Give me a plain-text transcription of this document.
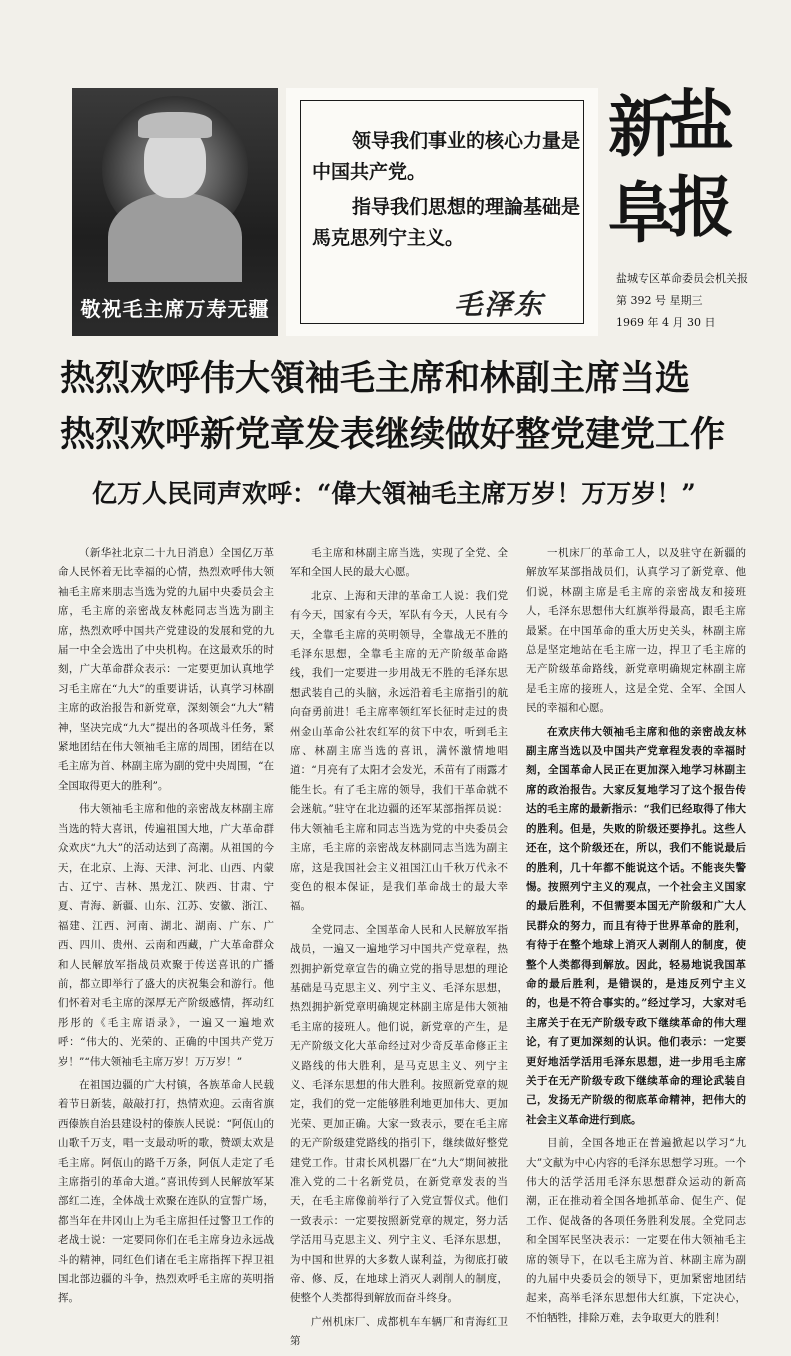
敬祝毛主席万寿无疆

领导我们事业的核心力量是中国共产党。

指导我们思想的理論基础是馬克思列宁主义。

毛泽东
新
盐
阜
报
盐城专区革命委员会机关报
第 392 号 星期三
1969 年 4 月 30 日
热烈欢呼伟大領袖毛主席和林副主席当选
热烈欢呼新党章发表继续做好整党建党工作
亿万人民同声欢呼：“偉大領袖毛主席万岁！万万岁！”

（新华社北京二十九日消息）全国亿万革命人民怀着无比幸福的心情，热烈欢呼伟大领袖毛主席来朋志当选为党的九届中央委员会主席，毛主席的亲密战友林彪同志当选为副主席，热烈欢呼中国共产党建设的发展和党的九届一中全会选出了中央机构。在这最欢乐的时刻，广大革命群众表示：一定要更加认真地学习毛主席在“九大”的重要讲话，认真学习林副主席的政治报告和新党章，深刻领会“九大”精神，坚决完成“九大”提出的各项战斗任务，紧紧地团结在伟大领袖毛主席的周围，团结在以毛主席为首、林副主席为副的党中央周围，“在全国取得更大的胜利”。

伟大领袖毛主席和他的亲密战友林副主席当选的特大喜讯，传遍祖国大地，广大革命群众欢庆“九大”的活动达到了高潮。从祖国的今天，在北京、上海、天津、河北、山西、内蒙古、辽宁、吉林、黑龙江、陕西、甘肃、宁夏、青海、新疆、山东、江苏、安徽、浙江、福建、江西、河南、湖北、湖南、广东、广西、四川、贵州、云南和西藏，广大革命群众和人民解放军指战员欢聚于传送喜讯的广播前，都立即举行了盛大的庆祝集会和游行。他们怀着对毛主席的深厚无产阶级感情，挥动红彤彤的《毛主席语录》，一遍又一遍地欢呼：“伟大的、光荣的、正确的中国共产党万岁！”“伟大领袖毛主席万岁！万万岁！”

在祖国边疆的广大村镇，各族革命人民载着节日新装，敲敲打打，热情欢迎。云南省旗西傣族自治县建设村的傣族人民说：“阿佤山的山歌千万支，唱一支最动听的歌，赞颂太欢是毛主席。阿佤山的路千万条，阿佤人走定了毛主席指引的革命大道。”喜讯传到人民解放军某部红二连，全体战士欢聚在连队的宣誓广场，都当年在井冈山上为毛主席担任过警卫工作的老战士说：一定要同你们在毛主席身边永远战斗的精神，同红色们诸在毛主席指挥下捍卫祖国北部边疆的斗争，热烈欢呼毛主席的英明指挥。

毛主席和林副主席当选，实现了全党、全军和全国人民的最大心愿。

北京、上海和天津的革命工人说：我们党有今天，国家有今天，军队有今天，人民有今天，全靠毛主席的英明领导，全靠战无不胜的毛泽东思想，全靠毛主席的无产阶级革命路线，我们一定要进一步用战无不胜的毛泽东思想武装自己的头脑，永远沿着毛主席指引的航向奋勇前进！毛主席率领红军长征时走过的贵州金山革命公社农红军的贫下中农，听到毛主席、林副主席当选的喜讯，满怀激情地唱道：“月亮有了太阳才会发光，禾苗有了雨露才能生长。有了毛主席的领导，我们干革命就不会迷航。”驻守在北边疆的还军某部指挥员说：伟大领袖毛主席和同志当选为党的中央委员会主席，毛主席的亲密战友林副同志当选为副主席，这是我国社会主义祖国江山千秋万代永不变色的根本保证，是我们革命战士的最大幸福。

全党同志、全国革命人民和人民解放军指战员，一遍又一遍地学习中国共产党章程，热烈拥护新党章宣告的确立党的指导思想的理论基础是马克思主义、列宁主义、毛泽东思想，热烈拥护新党章明确规定林副主席是伟大领袖毛主席的接班人。他们说，新党章的产生，是无产阶级文化大革命经过对少奇反革命修正主义路线的伟大胜利，是马克思主义、列宁主义、毛泽东思想的伟大胜利。按照新党章的规定，我们的党一定能够胜利地更加伟大、更加光荣、更加正确。大家一致表示，要在毛主席的无产阶级建党路线的指引下，继续做好整党建党工作。甘肃长风机器厂在“九大”期间被批准入党的二十名新党员，在新党章发表的当天，在毛主席像前举行了入党宣誓仪式。他们一致表示：一定要按照新党章的规定，努力活学活用马克思主义、列宁主义、毛泽东思想，为中国和世界的大多数人谋利益，为彻底打破帝、修、反，在地球上消灭人剥削人的制度，使整个人类都得到解放而奋斗终身。

广州机床厂、成都机车车辆厂和青海红卫第

一机床厂的革命工人，以及驻守在新疆的解放军某部指战员们，认真学习了新党章、他们说，林副主席是毛主席的亲密战友和接班人，毛泽东思想伟大红旗举得最高，跟毛主席最紧。在中国革命的重大历史关头，林副主席总是坚定地站在毛主席一边，捍卫了毛主席的无产阶级革命路线，新党章明确规定林副主席是毛主席的接班人，这是全党、全军、全国人民的幸福和心愿。

在欢庆伟大领袖毛主席和他的亲密战友林副主席当选以及中国共产党章程发表的幸福时刻，全国革命人民正在更加深入地学习林副主席的政治报告。大家反复地学习了这个报告传达的毛主席的最新指示：“我们已经取得了伟大的胜利。但是，失败的阶级还要挣扎。这些人还在，这个阶级还在，所以，我们不能说最后的胜利，几十年都不能说这个话。不能丧失警惕。按照列宁主义的观点，一个社会主义国家的最后胜利，不但需要本国无产阶级和广大人民群众的努力，而且有待于世界革命的胜利，有待于在整个地球上消灭人剥削人的制度，使整个人类都得到解放。因此，轻易地说我国革命的最后胜利，是错误的，是违反列宁主义的，也是不符合事实的。”经过学习，大家对毛主席关于在无产阶级专政下继续革命的伟大理论，有了更加深刻的认识。他们表示：一定要更好地活学活用毛泽东思想，进一步用毛主席关于在无产阶级专政下继续革命的理论武装自己，发扬无产阶级的彻底革命精神，把伟大的社会主义革命进行到底。

目前，全国各地正在普遍掀起以学习“九大”文献为中心内容的毛泽东思想学习班。一个伟大的活学活用毛泽东思想群众运动的新高潮，正在推动着全国各地抓革命、促生产、促工作、促战备的各项任务胜利发展。全党同志和全国军民坚决表示：一定要在伟大领袖毛主席的领导下，在以毛主席为首、林副主席为副的九届中央委员会的领导下，更加紧密地团结起来，高举毛泽东思想伟大红旗，下定决心，不怕牺牲，排除万难，去争取更大的胜利！
